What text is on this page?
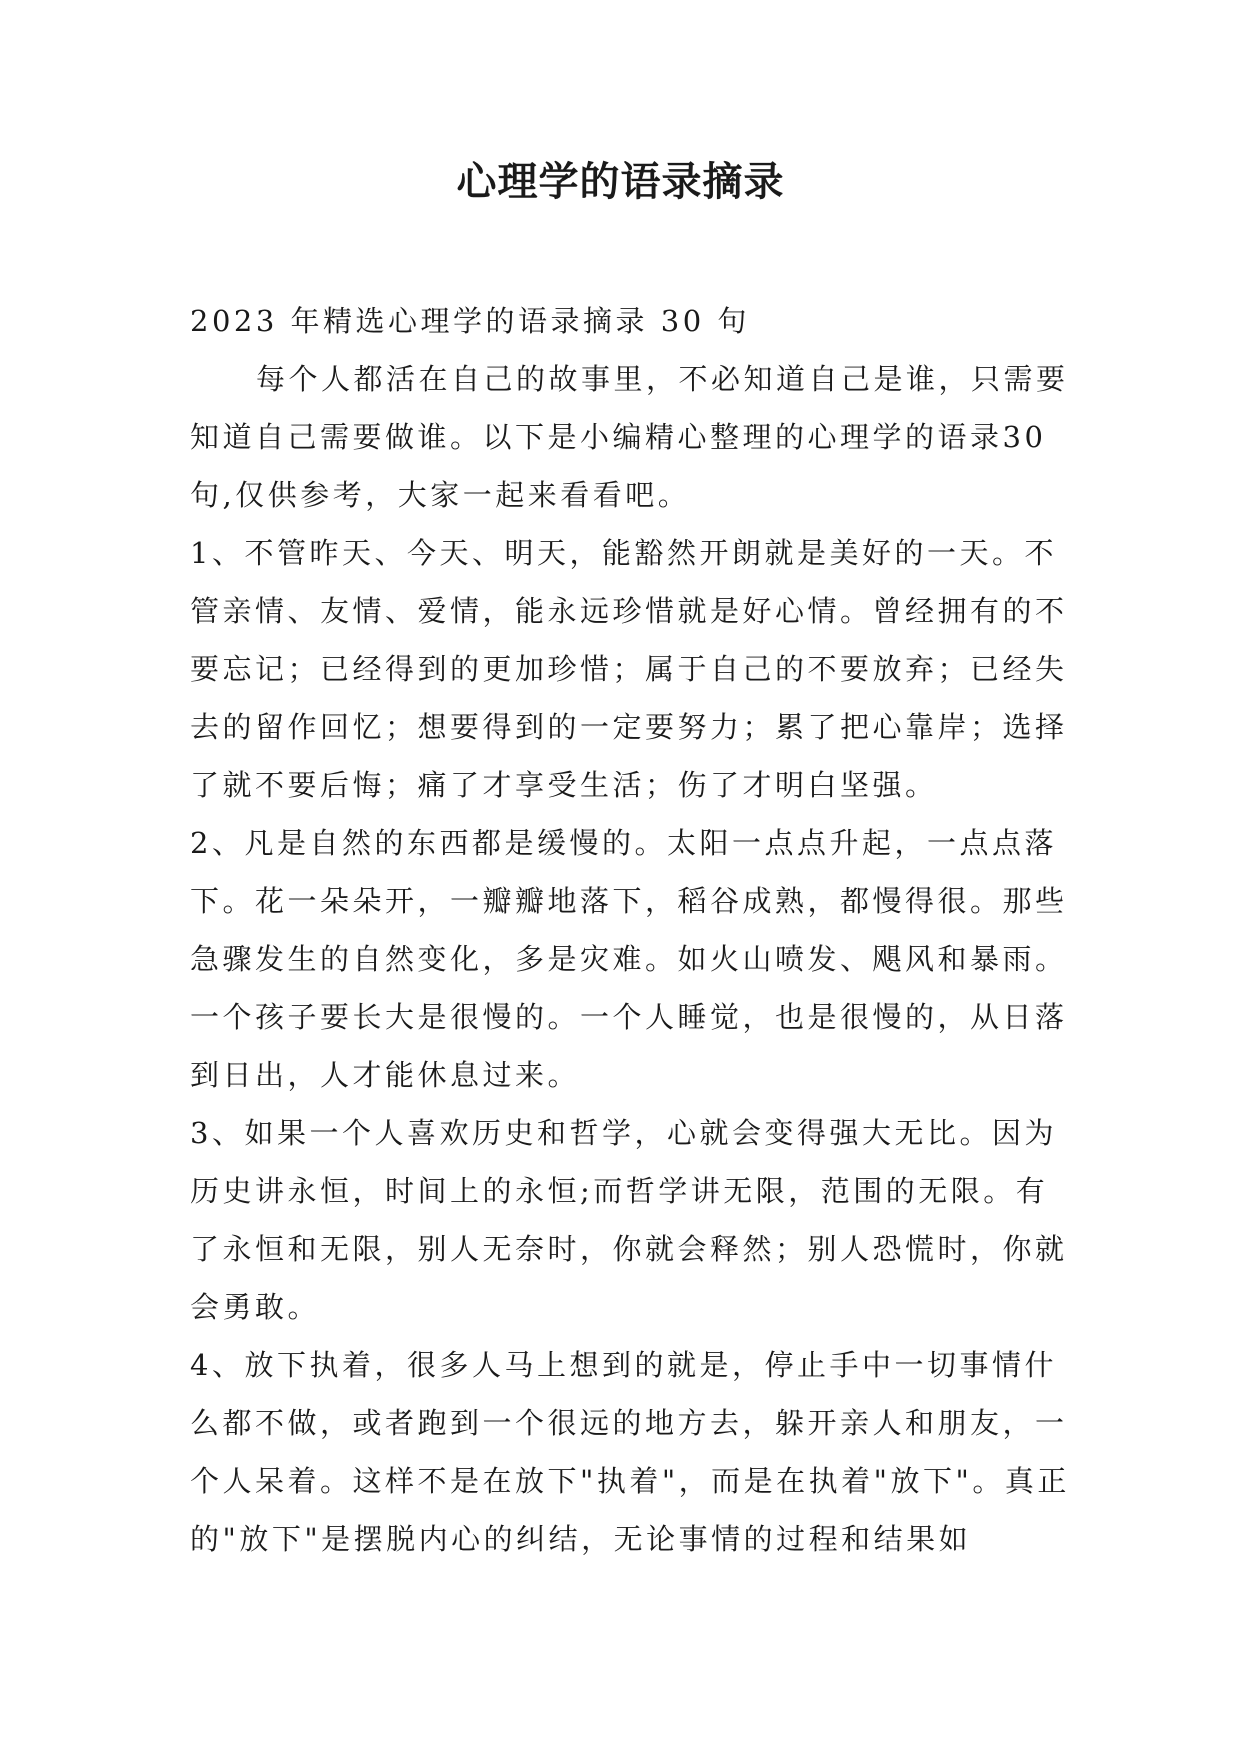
心理学的语录摘录

2023 年精选心理学的语录摘录 30 句

每个人都活在自己的故事里，不必知道自己是谁，只需要知道自己需要做谁。以下是小编精心整理的心理学的语录30 句,仅供参考，大家一起来看看吧。

1、不管昨天、今天、明天，能豁然开朗就是美好的一天。不管亲情、友情、爱情，能永远珍惜就是好心情。曾经拥有的不要忘记；已经得到的更加珍惜；属于自己的不要放弃；已经失去的留作回忆；想要得到的一定要努力；累了把心靠岸；选择了就不要后悔；痛了才享受生活；伤了才明白坚强。

2、凡是自然的东西都是缓慢的。太阳一点点升起，一点点落下。花一朵朵开，一瓣瓣地落下，稻谷成熟，都慢得很。那些急骤发生的自然变化，多是灾难。如火山喷发、飓风和暴雨。一个孩子要长大是很慢的。一个人睡觉，也是很慢的，从日落到日出，人才能休息过来。

3、如果一个人喜欢历史和哲学，心就会变得强大无比。因为历史讲永恒，时间上的永恒;而哲学讲无限，范围的无限。有了永恒和无限，别人无奈时，你就会释然；别人恐慌时，你就会勇敢。

4、放下执着，很多人马上想到的就是，停止手中一切事情什么都不做，或者跑到一个很远的地方去，躲开亲人和朋友，一个人呆着。这样不是在放下"执着"，而是在执着"放下"。真正的"放下"是摆脱内心的纠结，无论事情的过程和结果如
